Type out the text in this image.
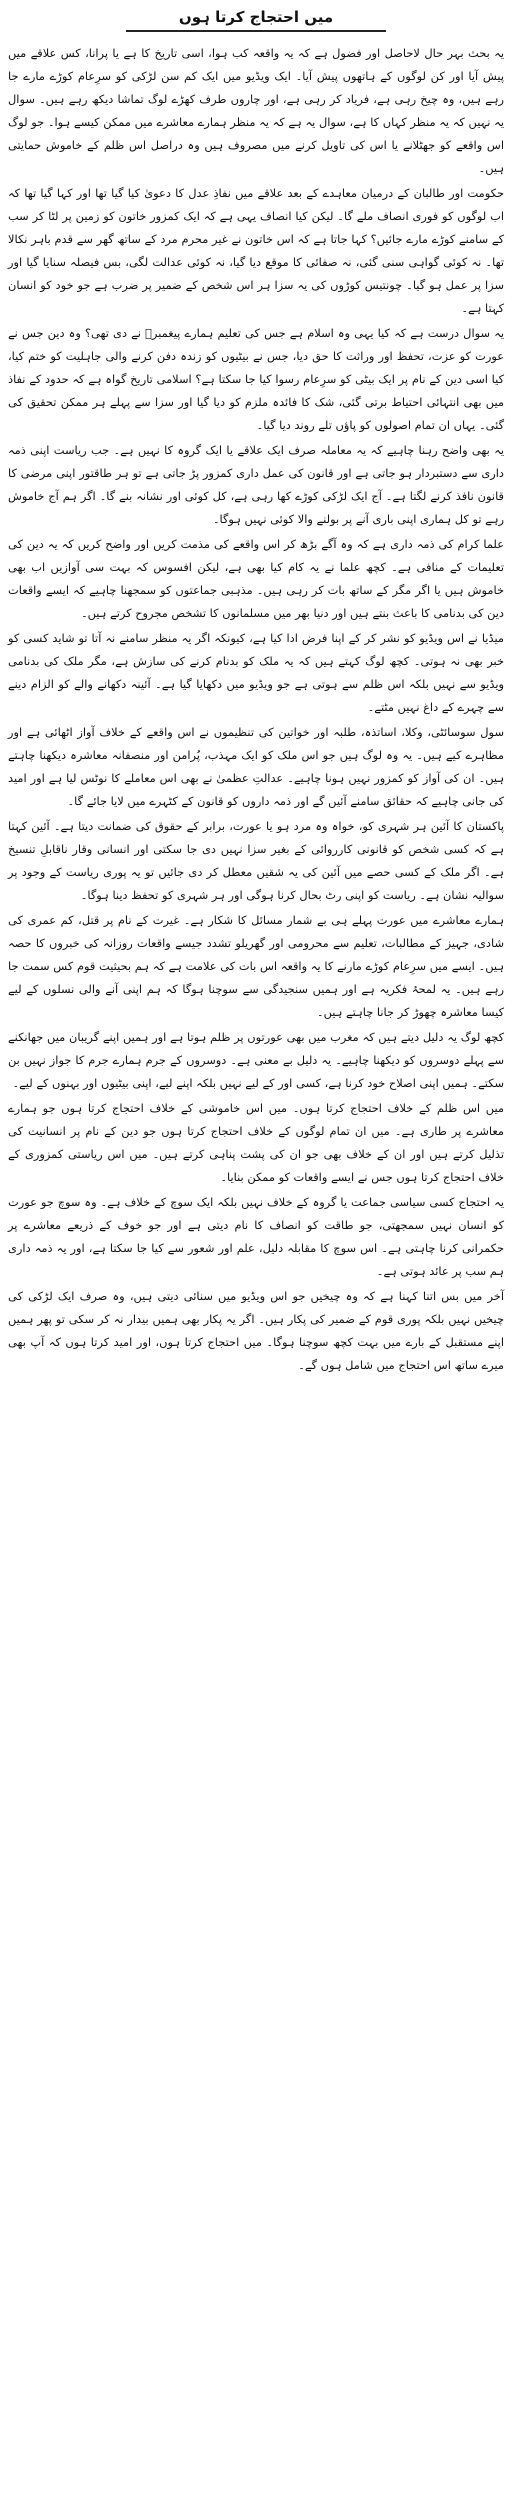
میں احتجاج کرتا ہوں

یہ بحث بہر حال لاحاصل اور فضول ہے کہ یہ واقعہ کب ہوا، اسی تاریخ کا ہے یا پرانا، کس علاقے میں پیش آیا اور کن لوگوں کے ہاتھوں پیش آیا۔ ایک ویڈیو میں ایک کم سن لڑکی کو سرِعام کوڑے مارے جا رہے ہیں، وہ چیخ رہی ہے، فریاد کر رہی ہے، اور چاروں طرف کھڑے لوگ تماشا دیکھ رہے ہیں۔ سوال یہ نہیں کہ یہ منظر کہاں کا ہے، سوال یہ ہے کہ یہ منظر ہمارے معاشرے میں ممکن کیسے ہوا۔ جو لوگ اس واقعے کو جھٹلانے یا اس کی تاویل کرنے میں مصروف ہیں وہ دراصل اس ظلم کے خاموش حمایتی ہیں۔

حکومت اور طالبان کے درمیان معاہدے کے بعد علاقے میں نفاذِ عدل کا دعویٰ کیا گیا تھا اور کہا گیا تھا کہ اب لوگوں کو فوری انصاف ملے گا۔ لیکن کیا انصاف یہی ہے کہ ایک کمزور خاتون کو زمین پر لٹا کر سب کے سامنے کوڑے مارے جائیں؟ کہا جاتا ہے کہ اس خاتون نے غیر محرم مرد کے ساتھ گھر سے قدم باہر نکالا تھا۔ نہ کوئی گواہی سنی گئی، نہ صفائی کا موقع دیا گیا، نہ کوئی عدالت لگی، بس فیصلہ سنایا گیا اور سزا پر عمل ہو گیا۔ چونتیس کوڑوں کی یہ سزا ہر اس شخص کے ضمیر پر ضرب ہے جو خود کو انسان کہتا ہے۔

یہ سوال درست ہے کہ کیا یہی وہ اسلام ہے جس کی تعلیم ہمارے پیغمبرؐ نے دی تھی؟ وہ دین جس نے عورت کو عزت، تحفظ اور وراثت کا حق دیا، جس نے بیٹیوں کو زندہ دفن کرنے والی جاہلیت کو ختم کیا، کیا اسی دین کے نام پر ایک بیٹی کو سرِعام رسوا کیا جا سکتا ہے؟ اسلامی تاریخ گواہ ہے کہ حدود کے نفاذ میں بھی انتہائی احتیاط برتی گئی، شک کا فائدہ ملزم کو دیا گیا اور سزا سے پہلے ہر ممکن تحقیق کی گئی۔ یہاں ان تمام اصولوں کو پاؤں تلے روند دیا گیا۔

یہ بھی واضح رہنا چاہیے کہ یہ معاملہ صرف ایک علاقے یا ایک گروہ کا نہیں ہے۔ جب ریاست اپنی ذمہ داری سے دستبردار ہو جاتی ہے اور قانون کی عمل داری کمزور پڑ جاتی ہے تو ہر طاقتور اپنی مرضی کا قانون نافذ کرنے لگتا ہے۔ آج ایک لڑکی کوڑے کھا رہی ہے، کل کوئی اور نشانہ بنے گا۔ اگر ہم آج خاموش رہے تو کل ہماری اپنی باری آنے پر بولنے والا کوئی نہیں ہوگا۔

علما کرام کی ذمہ داری ہے کہ وہ آگے بڑھ کر اس واقعے کی مذمت کریں اور واضح کریں کہ یہ دین کی تعلیمات کے منافی ہے۔ کچھ علما نے یہ کام کیا بھی ہے، لیکن افسوس کہ بہت سی آوازیں اب بھی خاموش ہیں یا اگر مگر کے ساتھ بات کر رہی ہیں۔ مذہبی جماعتوں کو سمجھنا چاہیے کہ ایسے واقعات دین کی بدنامی کا باعث بنتے ہیں اور دنیا بھر میں مسلمانوں کا تشخص مجروح کرتے ہیں۔

میڈیا نے اس ویڈیو کو نشر کر کے اپنا فرض ادا کیا ہے، کیونکہ اگر یہ منظر سامنے نہ آتا تو شاید کسی کو خبر بھی نہ ہوتی۔ کچھ لوگ کہتے ہیں کہ یہ ملک کو بدنام کرنے کی سازش ہے، مگر ملک کی بدنامی ویڈیو سے نہیں بلکہ اس ظلم سے ہوتی ہے جو ویڈیو میں دکھایا گیا ہے۔ آئینہ دکھانے والے کو الزام دینے سے چہرے کے داغ نہیں مٹتے۔

سول سوسائٹی، وکلا، اساتذہ، طلبہ اور خواتین کی تنظیموں نے اس واقعے کے خلاف آواز اٹھائی ہے اور مظاہرے کیے ہیں۔ یہ وہ لوگ ہیں جو اس ملک کو ایک مہذب، پُرامن اور منصفانہ معاشرہ دیکھنا چاہتے ہیں۔ ان کی آواز کو کمزور نہیں ہونا چاہیے۔ عدالتِ عظمیٰ نے بھی اس معاملے کا نوٹس لیا ہے اور امید کی جانی چاہیے کہ حقائق سامنے آئیں گے اور ذمہ داروں کو قانون کے کٹہرے میں لایا جائے گا۔

پاکستان کا آئین ہر شہری کو، خواہ وہ مرد ہو یا عورت، برابر کے حقوق کی ضمانت دیتا ہے۔ آئین کہتا ہے کہ کسی شخص کو قانونی کارروائی کے بغیر سزا نہیں دی جا سکتی اور انسانی وقار ناقابلِ تنسیخ ہے۔ اگر ملک کے کسی حصے میں آئین کی یہ شقیں معطل کر دی جائیں تو یہ پوری ریاست کے وجود پر سوالیہ نشان ہے۔ ریاست کو اپنی رٹ بحال کرنا ہوگی اور ہر شہری کو تحفظ دینا ہوگا۔

ہمارے معاشرے میں عورت پہلے ہی بے شمار مسائل کا شکار ہے۔ غیرت کے نام پر قتل، کم عمری کی شادی، جہیز کے مطالبات، تعلیم سے محرومی اور گھریلو تشدد جیسے واقعات روزانہ کی خبروں کا حصہ ہیں۔ ایسے میں سرِعام کوڑے مارنے کا یہ واقعہ اس بات کی علامت ہے کہ ہم بحیثیت قوم کس سمت جا رہے ہیں۔ یہ لمحۂ فکریہ ہے اور ہمیں سنجیدگی سے سوچنا ہوگا کہ ہم اپنی آنے والی نسلوں کے لیے کیسا معاشرہ چھوڑ کر جانا چاہتے ہیں۔

کچھ لوگ یہ دلیل دیتے ہیں کہ مغرب میں بھی عورتوں پر ظلم ہوتا ہے اور ہمیں اپنے گریبان میں جھانکنے سے پہلے دوسروں کو دیکھنا چاہیے۔ یہ دلیل بے معنی ہے۔ دوسروں کے جرم ہمارے جرم کا جواز نہیں بن سکتے۔ ہمیں اپنی اصلاح خود کرنا ہے، کسی اور کے لیے نہیں بلکہ اپنے لیے، اپنی بیٹیوں اور بہنوں کے لیے۔

میں اس ظلم کے خلاف احتجاج کرتا ہوں۔ میں اس خاموشی کے خلاف احتجاج کرتا ہوں جو ہمارے معاشرے پر طاری ہے۔ میں ان تمام لوگوں کے خلاف احتجاج کرتا ہوں جو دین کے نام پر انسانیت کی تذلیل کرتے ہیں اور ان کے خلاف بھی جو ان کی پشت پناہی کرتے ہیں۔ میں اس ریاستی کمزوری کے خلاف احتجاج کرتا ہوں جس نے ایسے واقعات کو ممکن بنایا۔

یہ احتجاج کسی سیاسی جماعت یا گروہ کے خلاف نہیں بلکہ ایک سوچ کے خلاف ہے۔ وہ سوچ جو عورت کو انسان نہیں سمجھتی، جو طاقت کو انصاف کا نام دیتی ہے اور جو خوف کے ذریعے معاشرے پر حکمرانی کرنا چاہتی ہے۔ اس سوچ کا مقابلہ دلیل، علم اور شعور سے کیا جا سکتا ہے، اور یہ ذمہ داری ہم سب پر عائد ہوتی ہے۔

آخر میں بس اتنا کہنا ہے کہ وہ چیخیں جو اس ویڈیو میں سنائی دیتی ہیں، وہ صرف ایک لڑکی کی چیخیں نہیں بلکہ پوری قوم کے ضمیر کی پکار ہیں۔ اگر یہ پکار بھی ہمیں بیدار نہ کر سکی تو پھر ہمیں اپنے مستقبل کے بارے میں بہت کچھ سوچنا ہوگا۔ میں احتجاج کرتا ہوں، اور امید کرتا ہوں کہ آپ بھی میرے ساتھ اس احتجاج میں شامل ہوں گے۔
